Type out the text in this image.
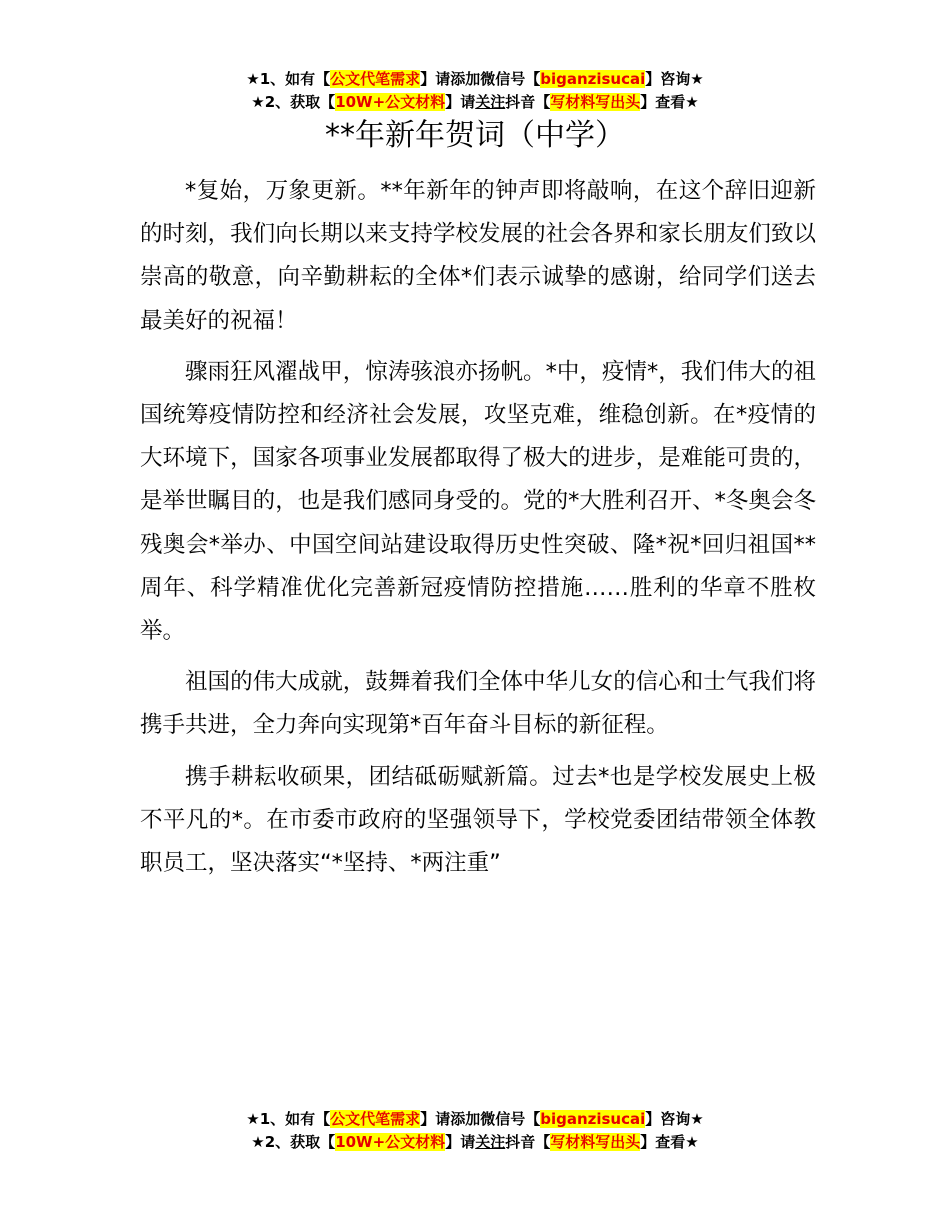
★1、如有【公文代笔需求】请添加微信号【biganzisucai】咨询★
★2、获取【10W+公文材料】请关注抖音【写材料写出头】查看★
**年新年贺词（中学）

*复始，万象更新。**年新年的钟声即将敲响，在这个辞旧迎新的时刻，我们向长期以来支持学校发展的社会各界和家长朋友们致以崇高的敬意，向辛勤耕耘的全体*们表示诚挚的感谢，给同学们送去最美好的祝福！

骤雨狂风濯战甲，惊涛骇浪亦扬帆。*中，疫情*，我们伟大的祖国统筹疫情防控和经济社会发展，攻坚克难，维稳创新。在*疫情的大环境下，国家各项事业发展都取得了极大的进步，是难能可贵的，是举世瞩目的，也是我们感同身受的。党的*大胜利召开、*冬奥会冬残奥会*举办、中国空间站建设取得历史性突破、隆*祝*回归祖国**周年、科学精准优化完善新冠疫情防控措施……胜利的华章不胜枚举。

祖国的伟大成就，鼓舞着我们全体中华儿女的信心和士气我们将携手共进，全力奔向实现第*百年奋斗目标的新征程。

携手耕耘收硕果，团结砥砺赋新篇。过去*也是学校发展史上极不平凡的*。在市委市政府的坚强领导下，学校党委团结带领全体教职员工，坚决落实“*坚持、*两注重”

★1、如有【公文代笔需求】请添加微信号【biganzisucai】咨询★
★2、获取【10W+公文材料】请关注抖音【写材料写出头】查看★
